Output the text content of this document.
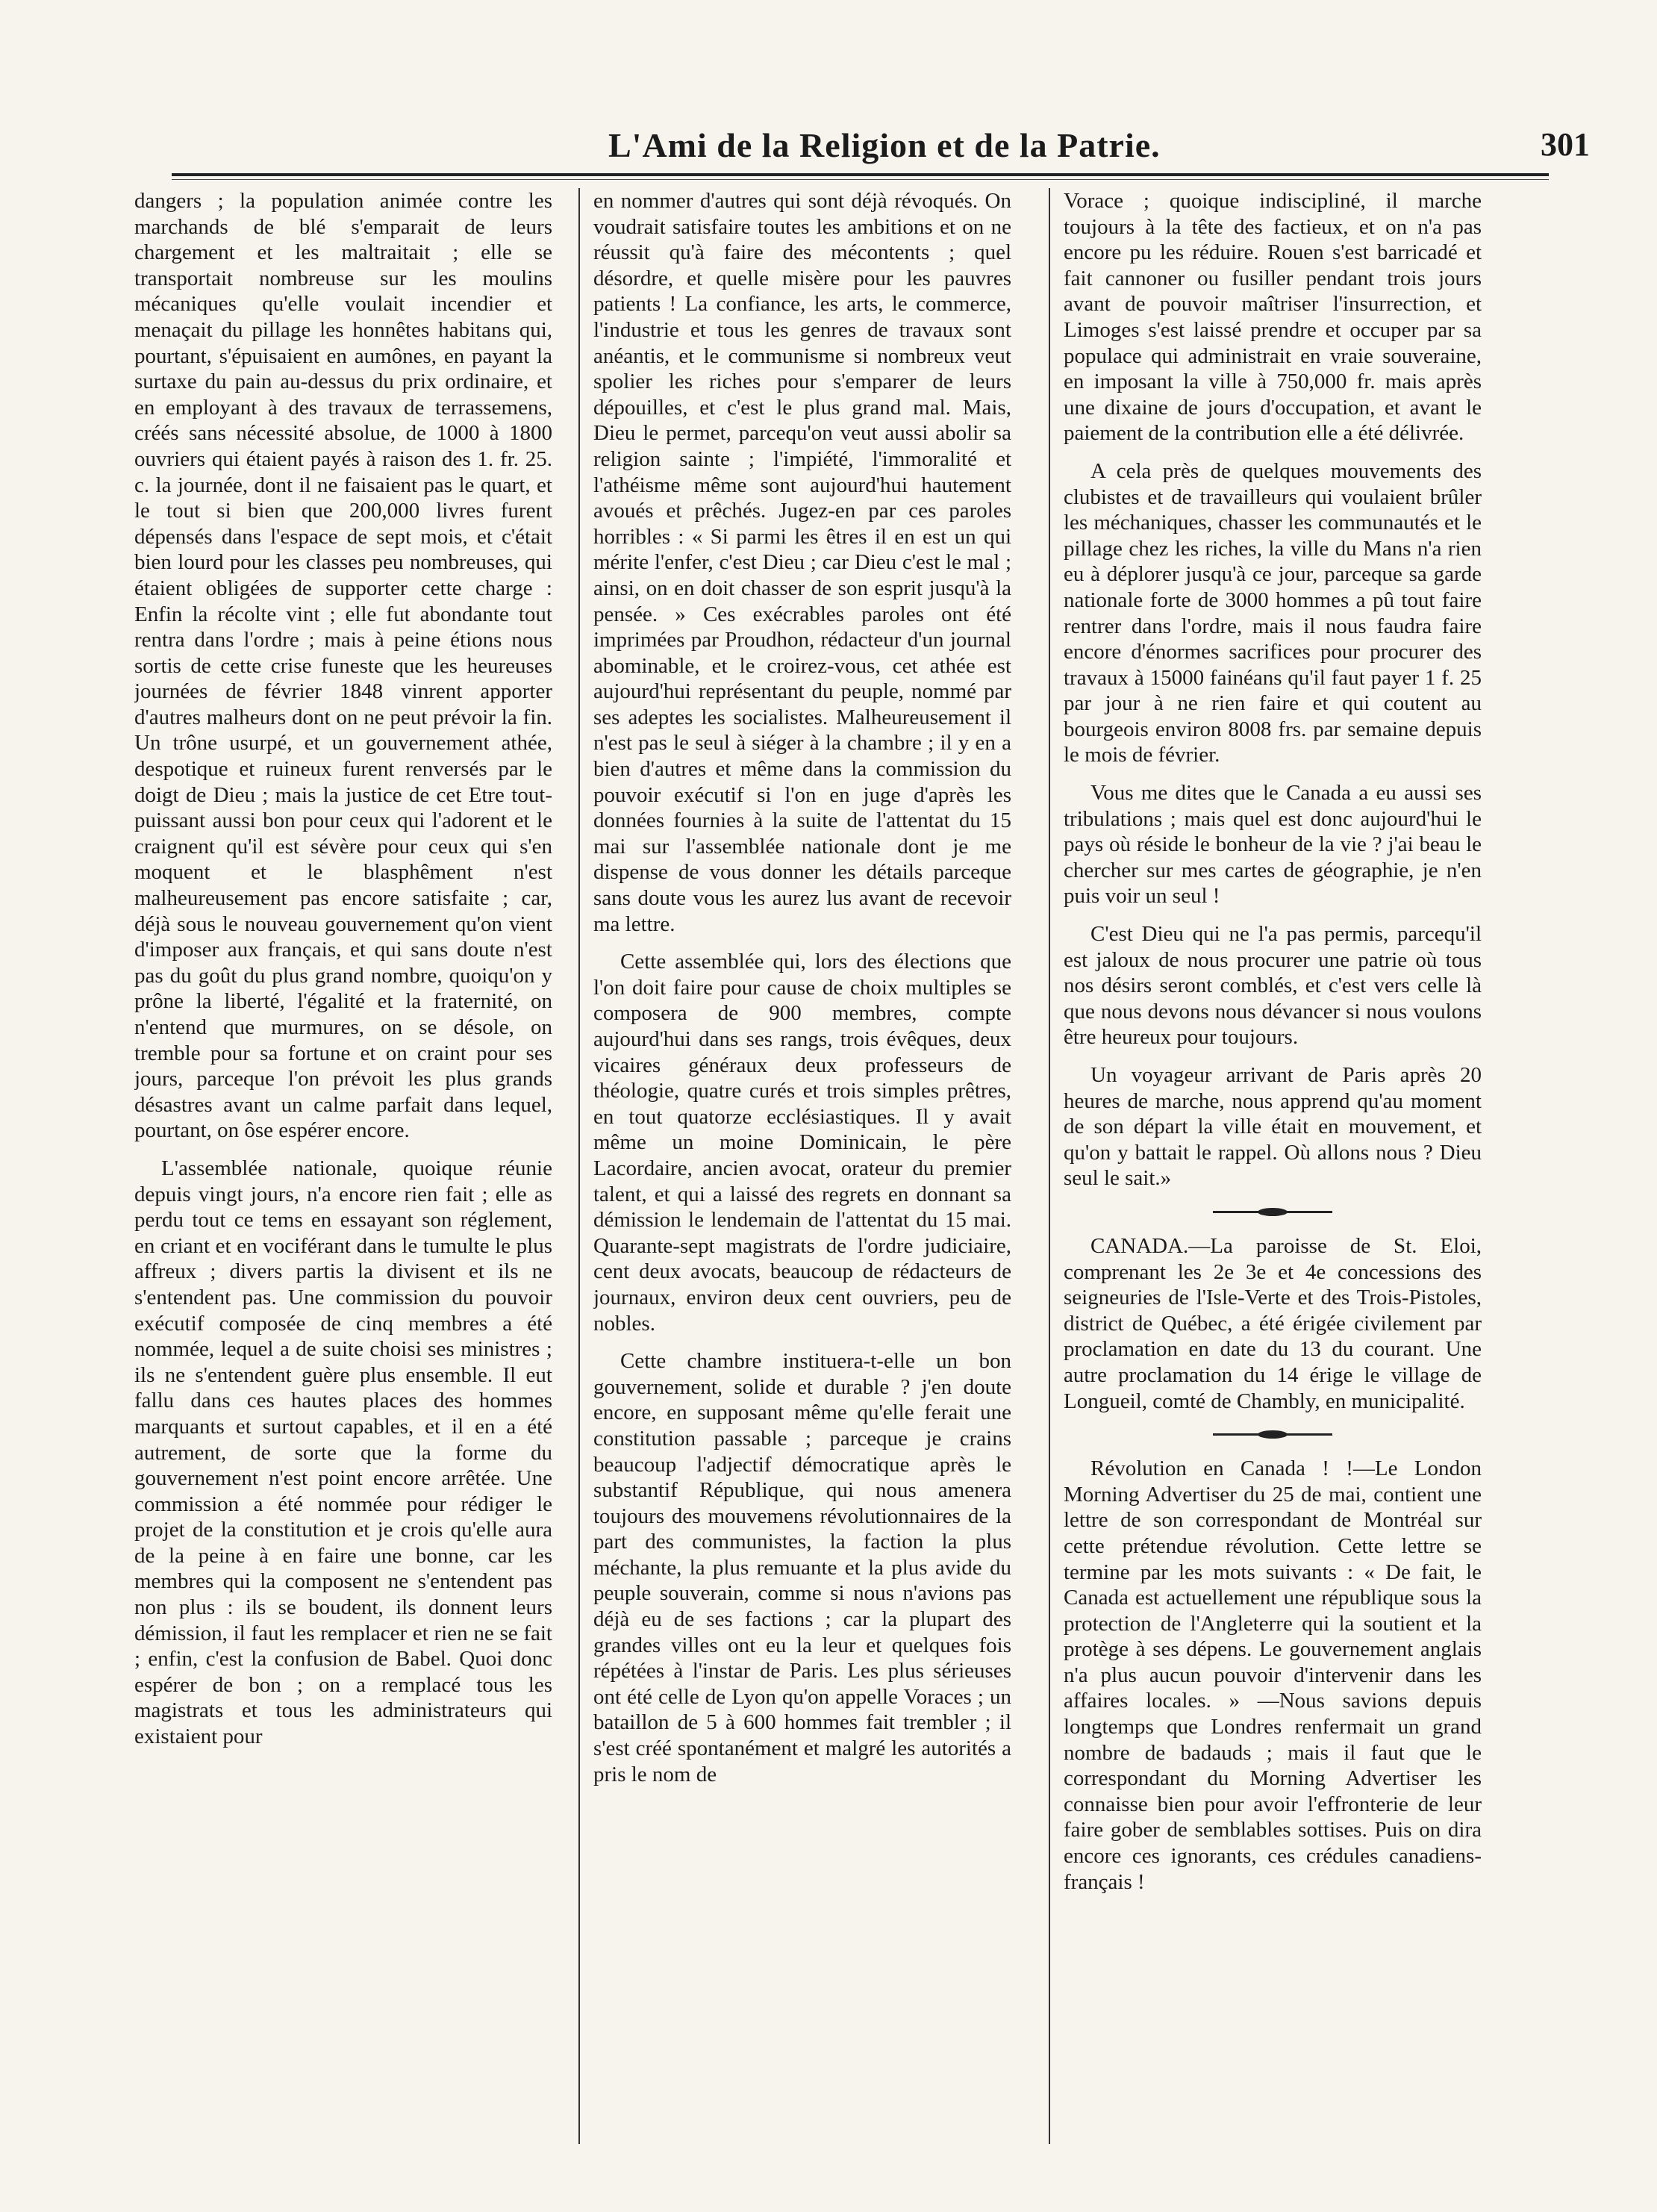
L'Ami de la Religion et de la Patrie.	301

dangers ; la population animée contre les marchands de blé s'emparait de leurs chargement et les maltraitait ; elle se transportait nombreuse sur les moulins mécaniques qu'elle voulait incendier et menaçait du pillage les honnêtes habitans qui, pourtant, s'épuisaient en aumônes, en payant la surtaxe du pain au-dessus du prix ordinaire, et en employant à des travaux de terrassemens, créés sans nécessité absolue, de 1000 à 1800 ouvriers qui étaient payés à raison des 1. fr. 25. c. la journée, dont il ne faisaient pas le quart, et le tout si bien que 200,000 livres furent dépensés dans l'espace de sept mois, et c'était bien lourd pour les classes peu nombreuses, qui étaient obligées de supporter cette charge : Enfin la récolte vint ; elle fut abondante tout rentra dans l'ordre ; mais à peine étions nous sortis de cette crise funeste que les heureuses journées de février 1848 vinrent apporter d'autres malheurs dont on ne peut prévoir la fin. Un trône usurpé, et un gouvernement athée, despotique et ruineux furent renversés par le doigt de Dieu ; mais la justice de cet Etre tout-puissant aussi bon pour ceux qui l'adorent et le craignent qu'il est sévère pour ceux qui s'en moquent et le blasphêment n'est malheureusement pas encore satisfaite ; car, déjà sous le nouveau gouvernement qu'on vient d'imposer aux français, et qui sans doute n'est pas du goût du plus grand nombre, quoiqu'on y prône la liberté, l'égalité et la fraternité, on n'entend que murmures, on se désole, on tremble pour sa fortune et on craint pour ses jours, parceque l'on prévoit les plus grands désastres avant un calme parfait dans lequel, pourtant, on ôse espérer encore.

L'assemblée nationale, quoique réunie depuis vingt jours, n'a encore rien fait ; elle as perdu tout ce tems en essayant son réglement, en criant et en vociférant dans le tumulte le plus affreux ; divers partis la divisent et ils ne s'entendent pas. Une commission du pouvoir exécutif composée de cinq membres a été nommée, lequel a de suite choisi ses ministres ; ils ne s'entendent guère plus ensemble. Il eut fallu dans ces hautes places des hommes marquants et surtout capables, et il en a été autrement, de sorte que la forme du gouvernement n'est point encore arrêtée. Une commission a été nommée pour rédiger le projet de la constitution et je crois qu'elle aura de la peine à en faire une bonne, car les membres qui la composent ne s'entendent pas non plus : ils se boudent, ils donnent leurs démission, il faut les remplacer et rien ne se fait ; enfin, c'est la confusion de Babel. Quoi donc espérer de bon ; on a remplacé tous les magistrats et tous les administrateurs qui existaient pour

en nommer d'autres qui sont déjà révoqués. On voudrait satisfaire toutes les ambitions et on ne réussit qu'à faire des mécontents ; quel désordre, et quelle misère pour les pauvres patients ! La confiance, les arts, le commerce, l'industrie et tous les genres de travaux sont anéantis, et le communisme si nombreux veut spolier les riches pour s'emparer de leurs dépouilles, et c'est le plus grand mal. Mais, Dieu le permet, parcequ'on veut aussi abolir sa religion sainte ; l'impiété, l'immoralité et l'athéisme même sont aujourd'hui hautement avoués et prêchés. Jugez-en par ces paroles horribles : « Si parmi les êtres il en est un qui mérite l'enfer, c'est Dieu ; car Dieu c'est le mal ; ainsi, on en doit chasser de son esprit jusqu'à la pensée. » Ces exécrables paroles ont été imprimées par Proudhon, rédacteur d'un journal abominable, et le croirez-vous, cet athée est aujourd'hui représentant du peuple, nommé par ses adeptes les socialistes. Malheureusement il n'est pas le seul à siéger à la chambre ; il y en a bien d'autres et même dans la commission du pouvoir exécutif si l'on en juge d'après les données fournies à la suite de l'attentat du 15 mai sur l'assemblée nationale dont je me dispense de vous donner les détails parceque sans doute vous les aurez lus avant de recevoir ma lettre.

Cette assemblée qui, lors des élections que l'on doit faire pour cause de choix multiples se composera de 900 membres, compte aujourd'hui dans ses rangs, trois évêques, deux vicaires généraux deux professeurs de théologie, quatre curés et trois simples prêtres, en tout quatorze ecclésiastiques. Il y avait même un moine Dominicain, le père Lacordaire, ancien avocat, orateur du premier talent, et qui a laissé des regrets en donnant sa démission le lendemain de l'attentat du 15 mai. Quarante-sept magistrats de l'ordre judiciaire, cent deux avocats, beaucoup de rédacteurs de journaux, environ deux cent ouvriers, peu de nobles.

Cette chambre instituera-t-elle un bon gouvernement, solide et durable ? j'en doute encore, en supposant même qu'elle ferait une constitution passable ; parceque je crains beaucoup l'adjectif démocratique après le substantif République, qui nous amenera toujours des mouvemens révolutionnaires de la part des communistes, la faction la plus méchante, la plus remuante et la plus avide du peuple souverain, comme si nous n'avions pas déjà eu de ses factions ; car la plupart des grandes villes ont eu la leur et quelques fois répétées à l'instar de Paris. Les plus sérieuses ont été celle de Lyon qu'on appelle Voraces ; un bataillon de 5 à 600 hommes fait trembler ; il s'est créé spontanément et malgré les autorités a pris le nom de

Vorace ; quoique indiscipliné, il marche toujours à la tête des factieux, et on n'a pas encore pu les réduire. Rouen s'est barricadé et fait cannoner ou fusiller pendant trois jours avant de pouvoir maîtriser l'insurrection, et Limoges s'est laissé prendre et occuper par sa populace qui administrait en vraie souveraine, en imposant la ville à 750,000 fr. mais après une dixaine de jours d'occupation, et avant le paiement de la contribution elle a été délivrée.

A cela près de quelques mouvements des clubistes et de travailleurs qui voulaient brûler les méchaniques, chasser les communautés et le pillage chez les riches, la ville du Mans n'a rien eu à déplorer jusqu'à ce jour, parceque sa garde nationale forte de 3000 hommes a pû tout faire rentrer dans l'ordre, mais il nous faudra faire encore d'énormes sacrifices pour procurer des travaux à 15000 fainéans qu'il faut payer 1 f. 25 par jour à ne rien faire et qui coutent au bourgeois environ 8008 frs. par semaine depuis le mois de février.

Vous me dites que le Canada a eu aussi ses tribulations ; mais quel est donc aujourd'hui le pays où réside le bonheur de la vie ? j'ai beau le chercher sur mes cartes de géographie, je n'en puis voir un seul !

C'est Dieu qui ne l'a pas permis, parcequ'il est jaloux de nous procurer une patrie où tous nos désirs seront comblés, et c'est vers celle là que nous devons nous dévancer si nous voulons être heureux pour toujours.

Un voyageur arrivant de Paris après 20 heures de marche, nous apprend qu'au moment de son départ la ville était en mouvement, et qu'on y battait le rappel. Où allons nous ? Dieu seul le sait.»

CANADA.—La paroisse de St. Eloi, comprenant les 2e 3e et 4e concessions des seigneuries de l'Isle-Verte et des Trois-Pistoles, district de Québec, a été érigée civilement par proclamation en date du 13 du courant. Une autre proclamation du 14 érige le village de Longueil, comté de Chambly, en municipalité.

Révolution en Canada ! !—Le London Morning Advertiser du 25 de mai, contient une lettre de son correspondant de Montréal sur cette prétendue révolution. Cette lettre se termine par les mots suivants : « De fait, le Canada est actuellement une république sous la protection de l'Angleterre qui la soutient et la protège à ses dépens. Le gouvernement anglais n'a plus aucun pouvoir d'intervenir dans les affaires locales. » —Nous savions depuis longtemps que Londres renfermait un grand nombre de badauds ; mais il faut que le correspondant du Morning Advertiser les connaisse bien pour avoir l'effronterie de leur faire gober de semblables sottises. Puis on dira encore ces ignorants, ces crédules canadiens-français !
